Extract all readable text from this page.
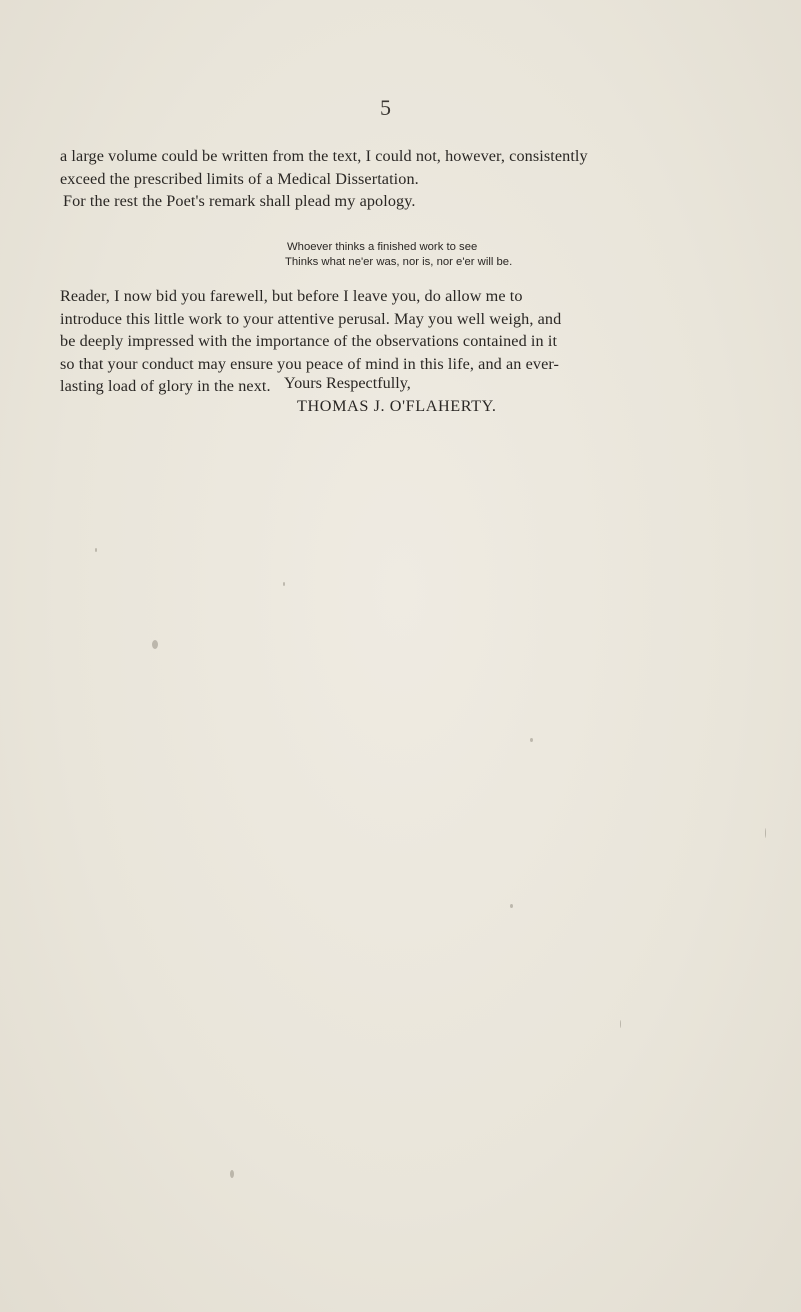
5

a large volume could be written from the text, I could not, however, consistently
exceed the prescribed limits of a Medical Dissertation.
For the rest the Poet's remark shall plead my apology.

Whoever thinks a finished work to see
Thinks what ne'er was, nor is, nor e'er will be.

Reader, I now bid you farewell, but before I leave you, do allow me to
introduce this little work to your attentive perusal. May you well weigh, and
be deeply impressed with the importance of the observations contained in it
so that your conduct may ensure you peace of mind in this life, and an ever-
lasting load of glory in the next. Yours Respectfully,
THOMAS J. O'FLAHERTY.
